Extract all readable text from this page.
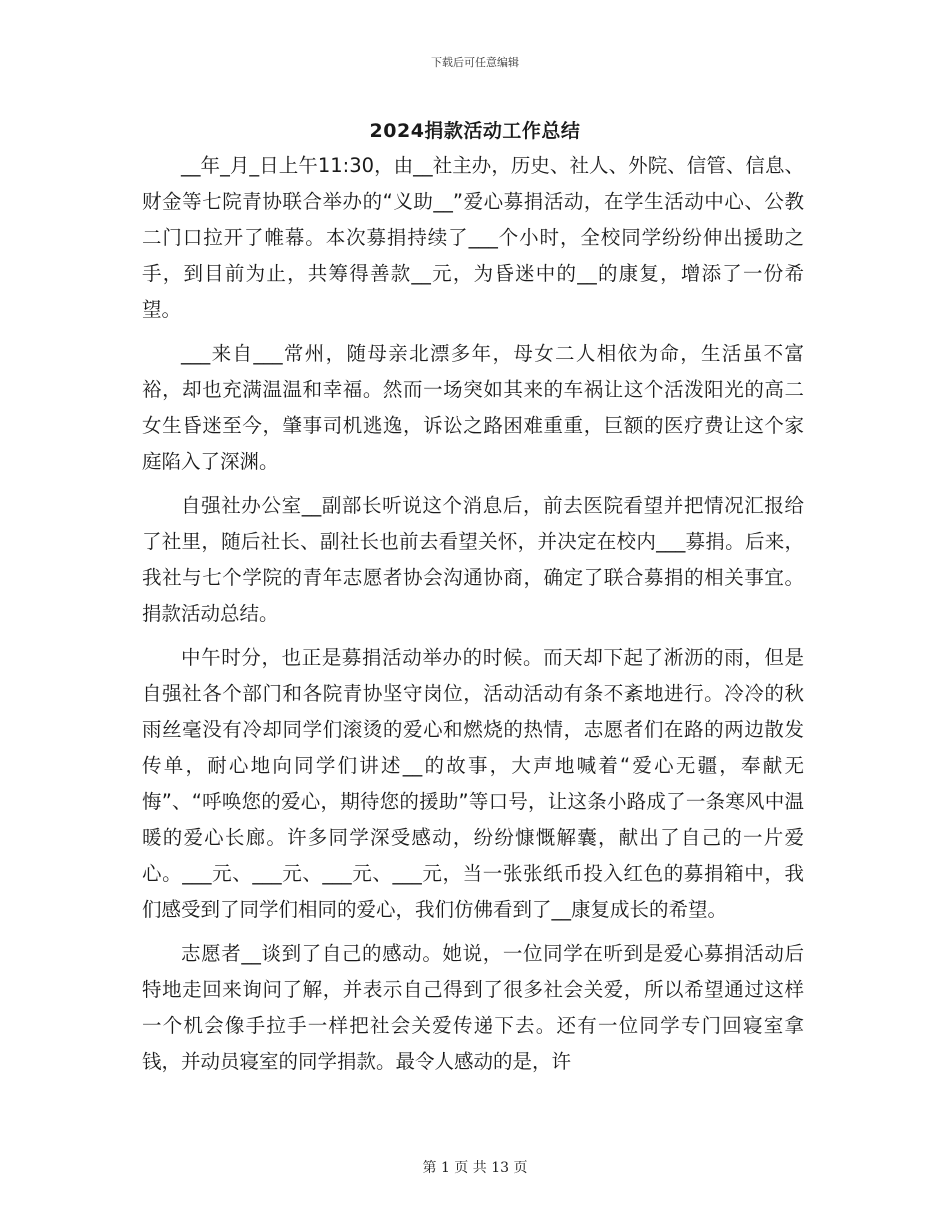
下载后可任意编辑
2024捐款活动工作总结

__年_月_日上午11:30，由__社主办，历史、社人、外院、信管、信息、财金等七院青协联合举办的“义助__”爱心募捐活动，在学生活动中心、公教二门口拉开了帷幕。本次募捐持续了___个小时，全校同学纷纷伸出援助之手，到目前为止，共筹得善款__元，为昏迷中的__的康复，增添了一份希望。

___来自___常州，随母亲北漂多年，母女二人相依为命，生活虽不富裕，却也充满温温和幸福。然而一场突如其来的车祸让这个活泼阳光的高二女生昏迷至今，肇事司机逃逸，诉讼之路困难重重，巨额的医疗费让这个家庭陷入了深渊。

自强社办公室__副部长听说这个消息后，前去医院看望并把情况汇报给了社里，随后社长、副社长也前去看望关怀，并决定在校内___募捐。后来，我社与七个学院的青年志愿者协会沟通协商，确定了联合募捐的相关事宜。捐款活动总结。

中午时分，也正是募捐活动举办的时候。而天却下起了淅沥的雨，但是自强社各个部门和各院青协坚守岗位，活动活动有条不紊地进行。冷冷的秋雨丝毫没有冷却同学们滚烫的爱心和燃烧的热情，志愿者们在路的两边散发传单，耐心地向同学们讲述__的故事，大声地喊着“爱心无疆，奉献无悔”、“呼唤您的爱心，期待您的援助”等口号，让这条小路成了一条寒风中温暖的爱心长廊。许多同学深受感动，纷纷慷慨解囊，献出了自己的一片爱心。___元、___元、___元、___元，当一张张纸币投入红色的募捐箱中，我们感受到了同学们相同的爱心，我们仿佛看到了__康复成长的希望。

志愿者__谈到了自己的感动。她说，一位同学在听到是爱心募捐活动后特地走回来询问了解，并表示自己得到了很多社会关爱，所以希望通过这样一个机会像手拉手一样把社会关爱传递下去。还有一位同学专门回寝室拿钱，并动员寝室的同学捐款。最令人感动的是，许

第 1 页 共 13 页
